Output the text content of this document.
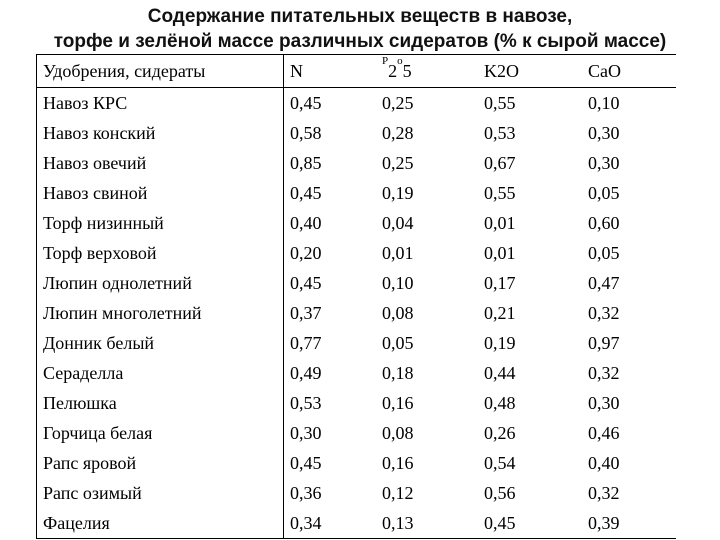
Содержание питательных веществ в навозе,
торфе и зелёной массе различных сидератов (% к сырой массе)
Удобрения, сидераты	N	$^P$2$^o$5	K2O	CaO
Навоз КРС	0,45	0,25	0,55	0,10
Навоз конский	0,58	0,28	0,53	0,30
Навоз овечий	0,85	0,25	0,67	0,30
Навоз свиной	0,45	0,19	0,55	0,05
Торф низинный	0,40	0,04	0,01	0,60
Торф верховой	0,20	0,01	0,01	0,05
Люпин однолетний	0,45	0,10	0,17	0,47
Люпин многолетний	0,37	0,08	0,21	0,32
Донник белый	0,77	0,05	0,19	0,97
Сераделла	0,49	0,18	0,44	0,32
Пелюшка	0,53	0,16	0,48	0,30
Горчица белая	0,30	0,08	0,26	0,46
Рапс яровой	0,45	0,16	0,54	0,40
Рапс озимый	0,36	0,12	0,56	0,32
Фацелия	0,34	0,13	0,45	0,39
